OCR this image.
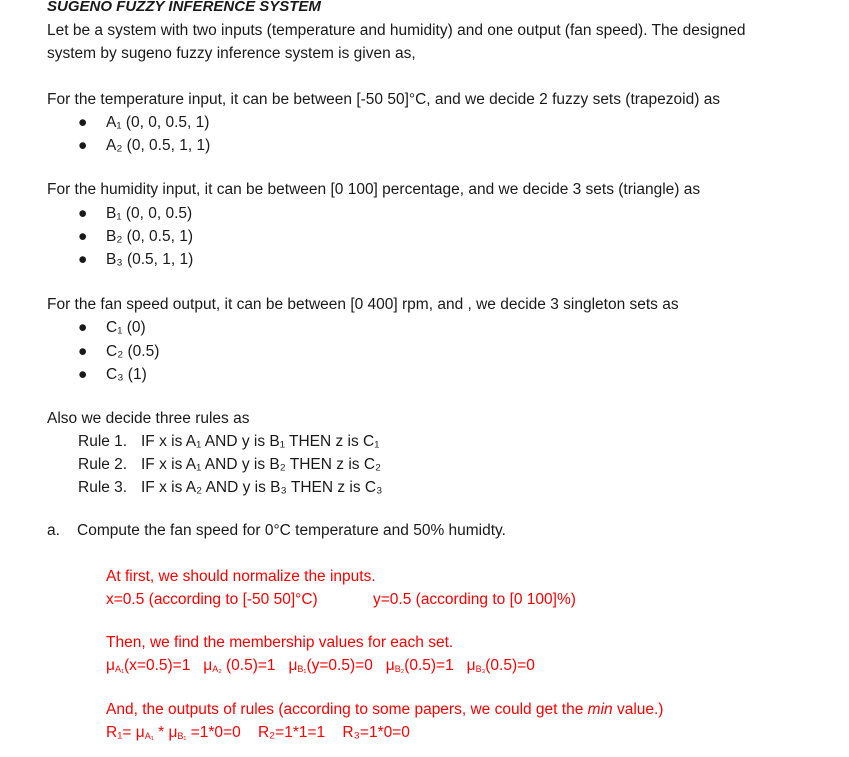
SUGENO FUZZY INFERENCE SYSTEM
Let be a system with two inputs (temperature and humidity) and one output (fan speed). The designed
system by sugeno fuzzy inference system is given as,
For the temperature input, it can be between [-50 50]°C, and we decide 2 fuzzy sets (trapezoid) as
● A₁ (0, 0, 0.5, 1)
● A₂ (0, 0.5, 1, 1)
For the humidity input, it can be between [0 100] percentage, and we decide 3 sets (triangle) as
● B₁ (0, 0, 0.5)
● B₂ (0, 0.5, 1)
● B₃ (0.5, 1, 1)
For the fan speed output, it can be between [0 400] rpm, and , we decide 3 singleton sets as
● C₁ (0)
● C₂ (0.5)
● C₃ (1)
Also we decide three rules as
Rule 1. IF x is A₁ AND y is B₁ THEN z is C₁
Rule 2. IF x is A₁ AND y is B₂ THEN z is C₂
Rule 3. IF x is A₂ AND y is B₃ THEN z is C₃
a. Compute the fan speed for 0°C temperature and 50% humidty.
At first, we should normalize the inputs.
x=0.5 (according to [-50 50]°C)	y=0.5 (according to [0 100]%)
Then, we find the membership values for each set.
$\mu_{A_1}(x=0.5)=1$ $\mu_{A_2}$ (0.5)=1 $\mu_{B_1}(y=0.5)=0$ $\mu_{B_2}(0.5)=1$ $\mu_{B_3}(0.5)=0$
And, the outputs of rules (according to some papers, we could get the min value.)
$R_1= \mu_{A_1} * \mu_{B_1} =1*0=0$ R₂=1*1=1 R₃=1*0=0
